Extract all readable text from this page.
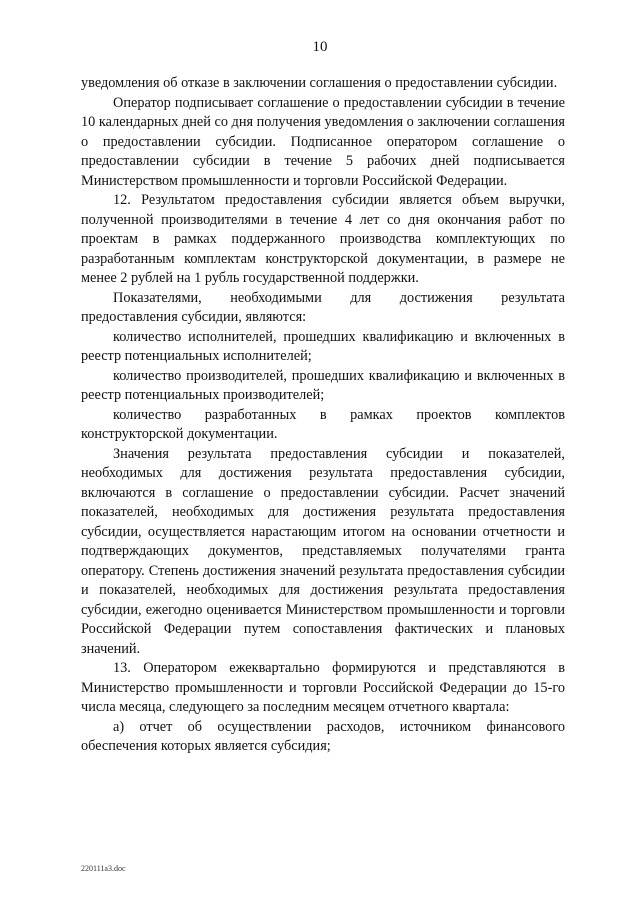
10

уведомления об отказе в заключении соглашения о предоставлении субсидии.

Оператор подписывает соглашение о предоставлении субсидии в течение 10 календарных дней со дня получения уведомления о заключении соглашения о предоставлении субсидии. Подписанное оператором соглашение о предоставлении субсидии в течение 5 рабочих дней подписывается Министерством промышленности и торговли Российской Федерации.

12. Результатом предоставления субсидии является объем выручки, полученной производителями в течение 4 лет со дня окончания работ по проектам в рамках поддержанного производства комплектующих по разработанным комплектам конструкторской документации, в размере не менее 2 рублей на 1 рубль государственной поддержки.

Показателями, необходимыми для достижения результата предоставления субсидии, являются:

количество исполнителей, прошедших квалификацию и включенных в реестр потенциальных исполнителей;

количество производителей, прошедших квалификацию и включенных в реестр потенциальных производителей;

количество разработанных в рамках проектов комплектов конструкторской документации.

Значения результата предоставления субсидии и показателей, необходимых для достижения результата предоставления субсидии, включаются в соглашение о предоставлении субсидии. Расчет значений показателей, необходимых для достижения результата предоставления субсидии, осуществляется нарастающим итогом на основании отчетности и подтверждающих документов, представляемых получателями гранта оператору. Степень достижения значений результата предоставления субсидии и показателей, необходимых для достижения результата предоставления субсидии, ежегодно оценивается Министерством промышленности и торговли Российской Федерации путем сопоставления фактических и плановых значений.

13. Оператором ежеквартально формируются и представляются в Министерство промышленности и торговли Российской Федерации до 15-го числа месяца, следующего за последним месяцем отчетного квартала:

а) отчет об осуществлении расходов, источником финансового обеспечения которых является субсидия;

220111a3.doc
